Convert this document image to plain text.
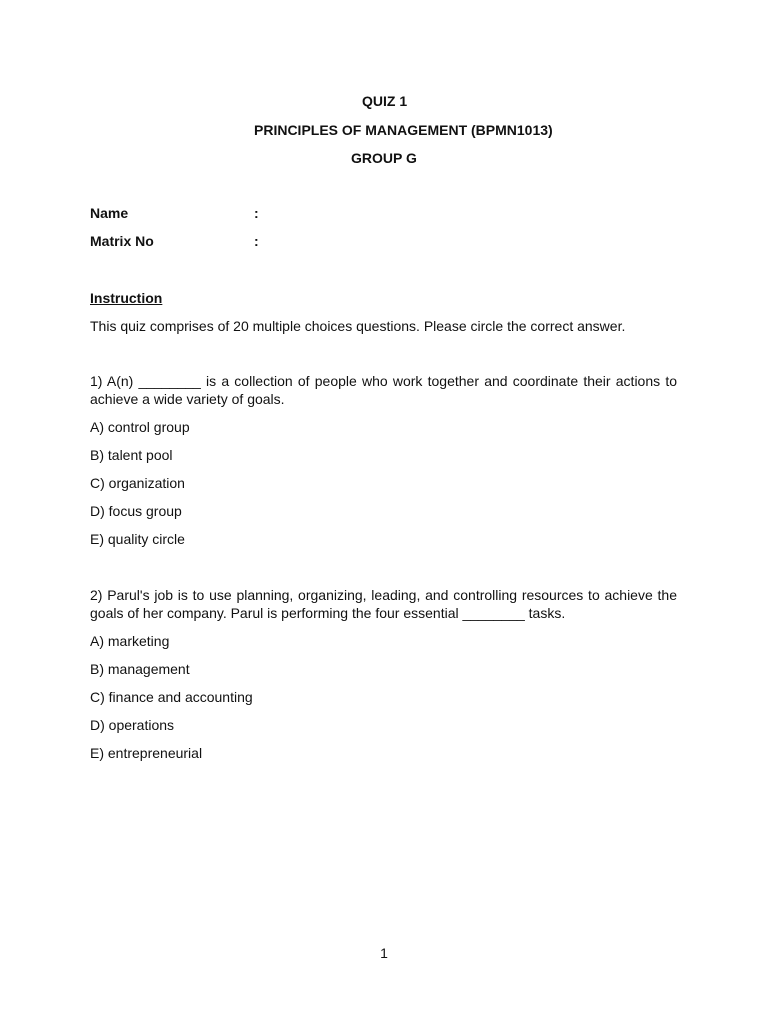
QUIZ 1
PRINCIPLES OF MANAGEMENT (BPMN1013)
GROUP G
Name	:
Matrix No	:
Instruction
This quiz comprises of 20 multiple choices questions. Please circle the correct answer.
1) A(n) ________ is a collection of people who work together and coordinate their actions to achieve a wide variety of goals.
A) control group
B) talent pool
C) organization
D) focus group
E) quality circle
2) Parul's job is to use planning, organizing, leading, and controlling resources to achieve the goals of her company. Parul is performing the four essential ________ tasks.
A) marketing
B) management
C) finance and accounting
D) operations
E) entrepreneurial
1
